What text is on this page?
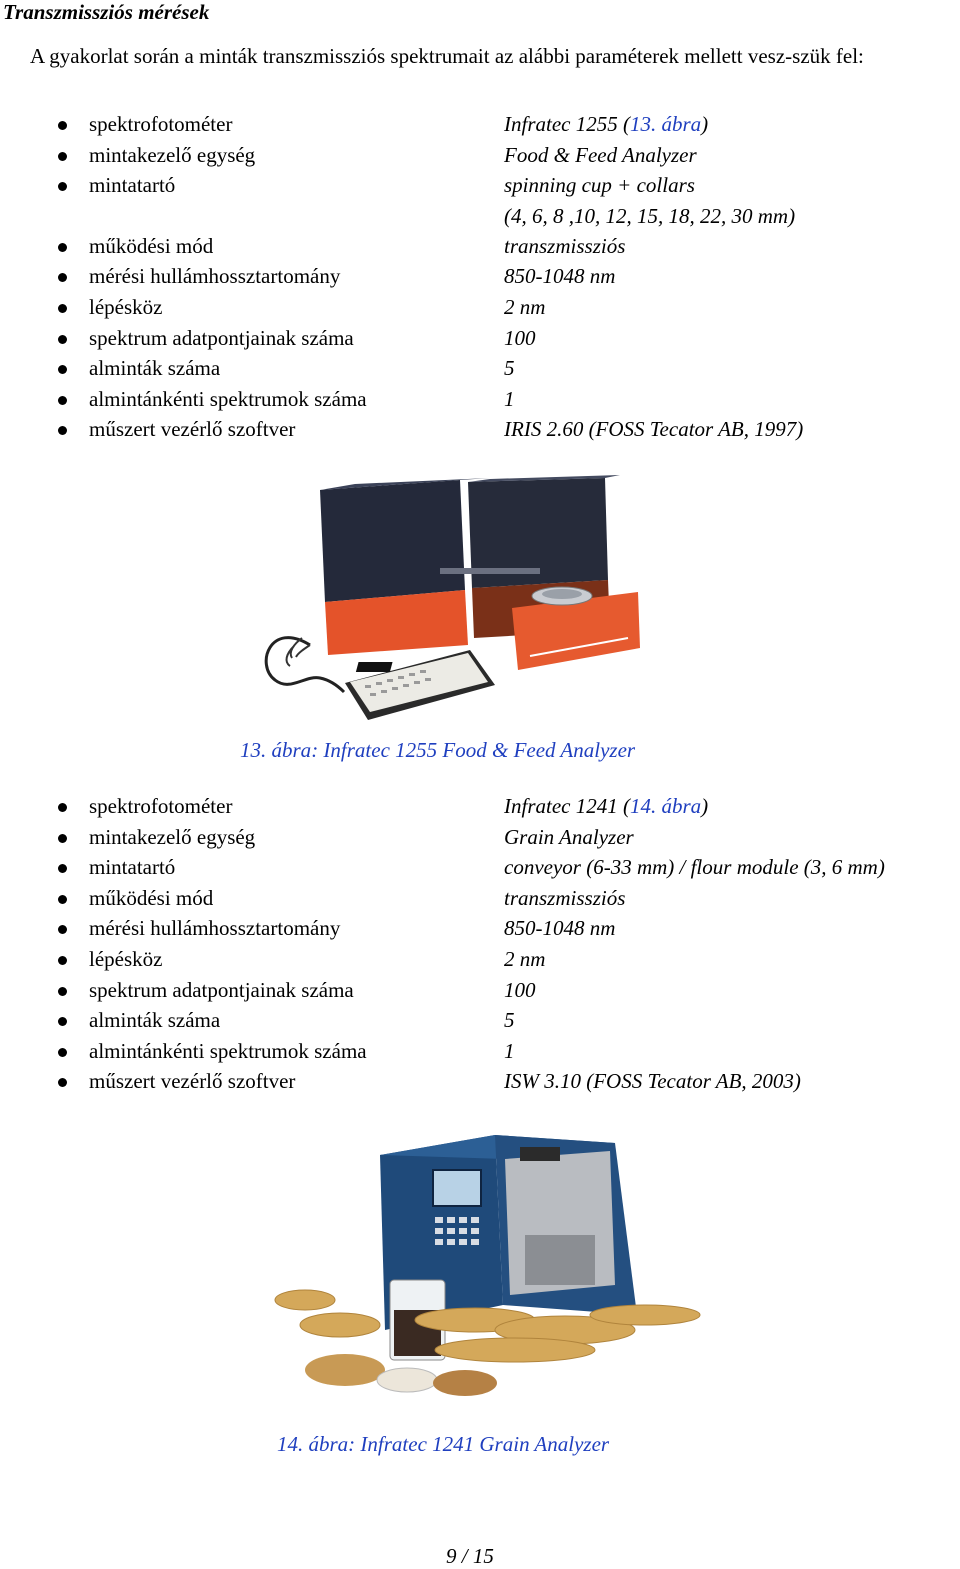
Transzmissziós mérések
A gyakorlat során a minták transzmissziós spektrumait az alábbi paraméterek mellett vesz-szük fel:
spektrofotométer	Infratec 1255 (13. ábra)
mintakezelő egység	Food & Feed Analyzer
mintatartó	spinning cup + collars
(4, 6, 8 ,10, 12, 15, 18, 22, 30 mm)
működési mód	transzmissziós
mérési hullámhossztartomány	850-1048 nm
lépésköz	2 nm
spektrum adatpontjainak száma	100
alminták száma	5
almintánkénti spektrumok száma	1
műszert vezérlő szoftver	IRIS 2.60 (FOSS Tecator AB, 1997)
13. ábra: Infratec 1255 Food & Feed Analyzer
spektrofotométer	Infratec 1241 (14. ábra)
mintakezelő egység	Grain Analyzer
mintatartó	conveyor (6-33 mm) / flour module (3, 6 mm)
működési mód	transzmissziós
mérési hullámhossztartomány	850-1048 nm
lépésköz	2 nm
spektrum adatpontjainak száma	100
alminták száma	5
almintánkénti spektrumok száma	1
műszert vezérlő szoftver	ISW 3.10 (FOSS Tecator AB, 2003)
14. ábra: Infratec 1241 Grain Analyzer
9 / 15
